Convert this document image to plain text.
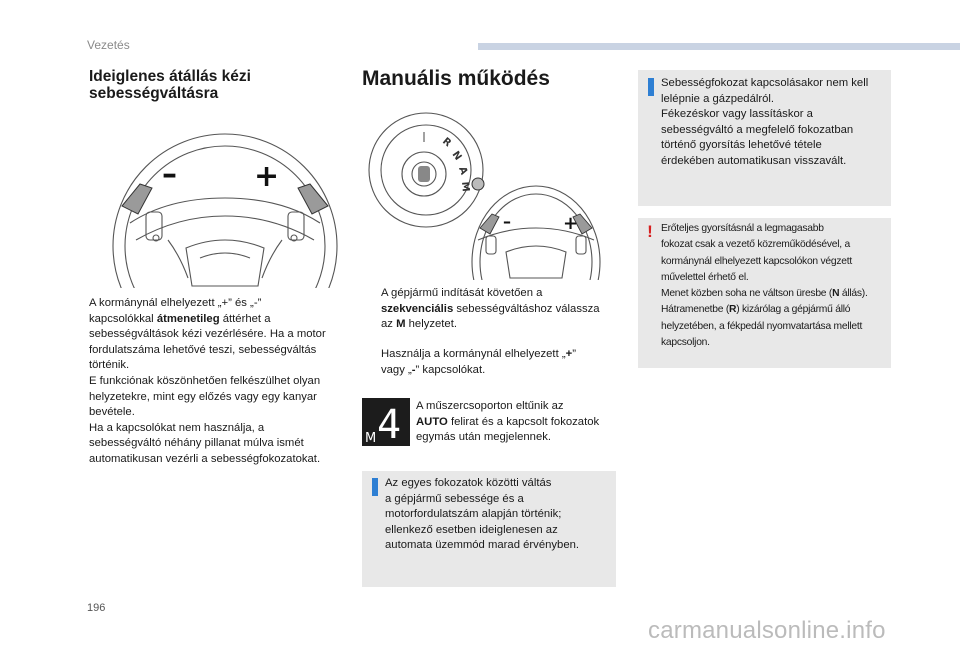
Vezetés
Ideiglenes átállás kézi
sebességváltásra
–	+
A kormánynál elhelyezett „+” és „-”
kapcsolókkal átmenetileg áttérhet a
sebességváltások kézi vezérlésére. Ha a motor
fordulatszáma lehetővé teszi, sebességváltás
történik.
E funkciónak köszönhetően felkészülhet olyan
helyzetekre, mint egy előzés vagy egy kanyar
bevétele.
Ha a kapcsolókat nem használja, a
sebességváltó néhány pillanat múlva ismét
automatikusan vezérli a sebességfokozatokat.
Manuális működés
R
N
A
M
–	+
A gépjármű indítását követően a
szekvenciális sebességváltáshoz válassza
az M helyzetet.
Használja a kormánynál elhelyezett „+”
vagy „-” kapcsolókat.
M 4 A műszercsoporton eltűnik az
AUTO felirat és a kapcsolt fokozatok
egymás után megjelennek.
Az egyes fokozatok közötti váltás
a gépjármű sebessége és a
motorfordulatszám alapján történik;
ellenkező esetben ideiglenesen az
automata üzemmód marad érvényben.
Sebességfokozat kapcsolásakor nem kell
lelépnie a gázpedálról.
Fékezéskor vagy lassításkor a
sebességváltó a megfelelő fokozatban
történő gyorsítás lehetővé tétele
érdekében automatikusan visszavált.
! Erőteljes gyorsításnál a legmagasabb
fokozat csak a vezető közreműködésével, a
kormánynál elhelyezett kapcsolókon végzett
művelettel érhető el.
Menet közben soha ne váltson üresbe (N állás).
Hátramenetbe (R) kizárólag a gépjármű álló
helyzetében, a fékpedál nyomvatartása mellett
kapcsoljon.
196
carmanualsonline.info
